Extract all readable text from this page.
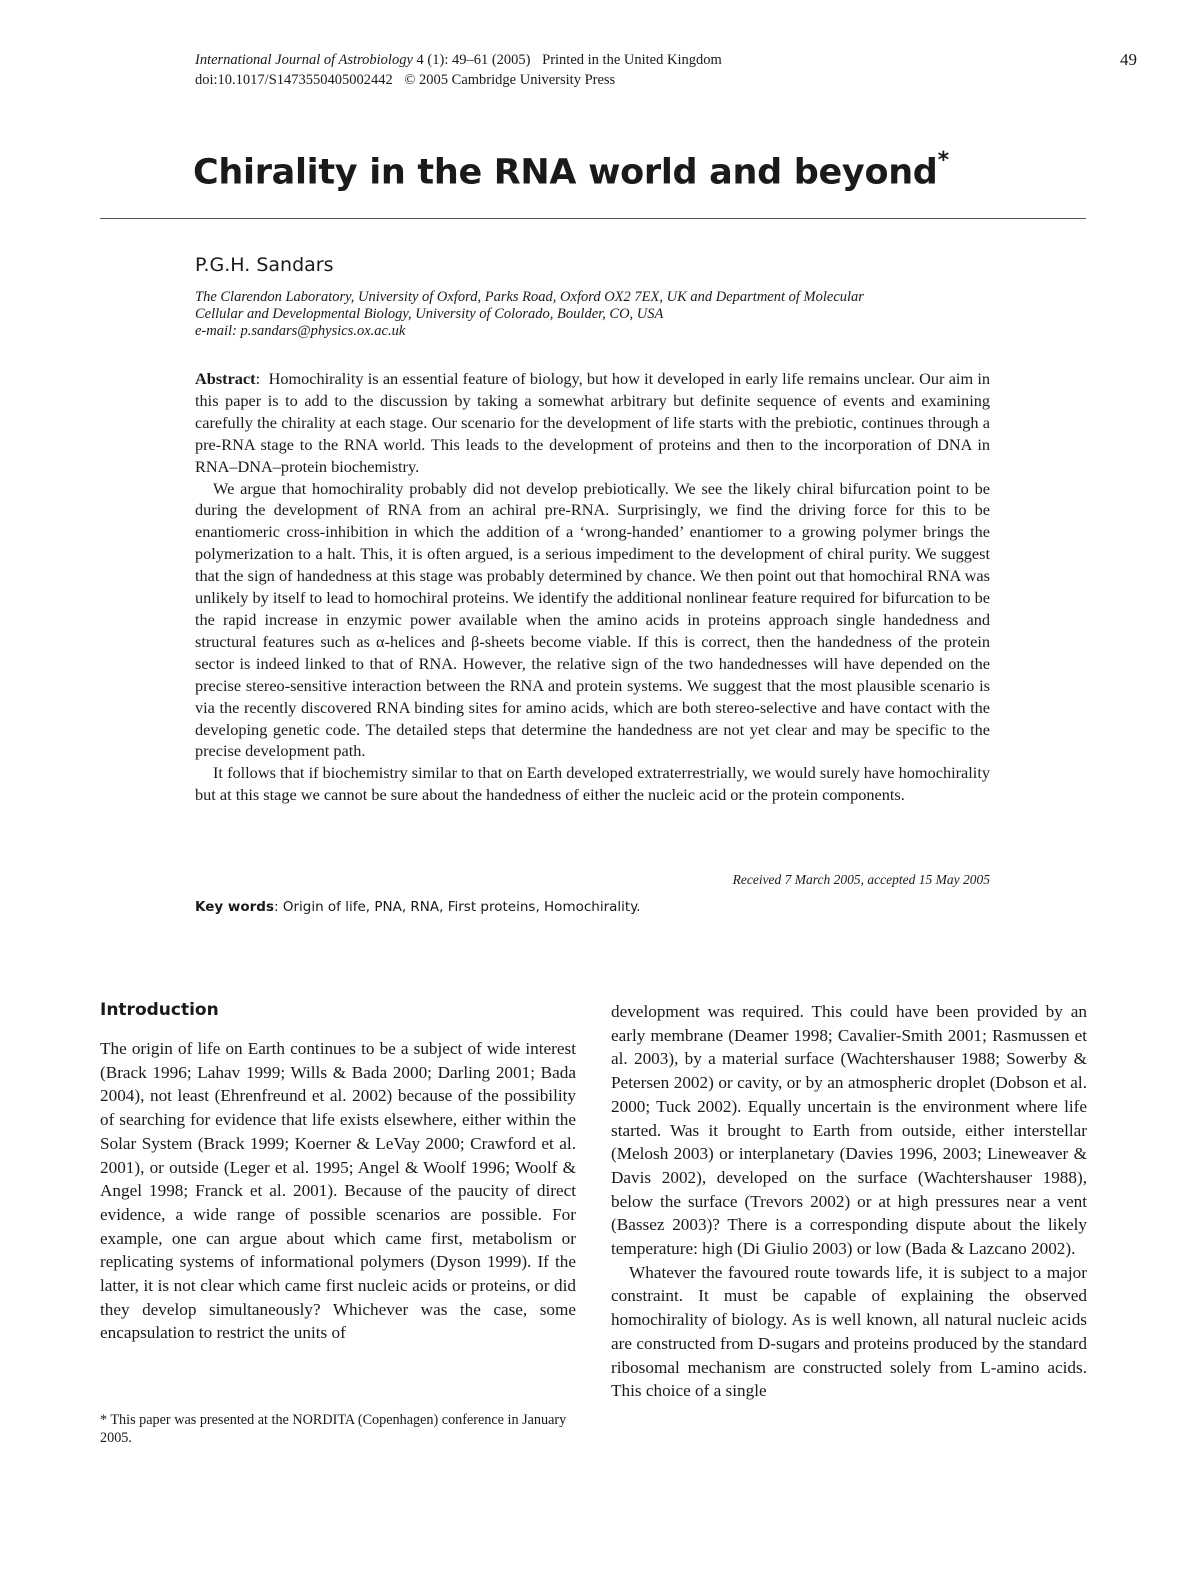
International Journal of Astrobiology 4 (1): 49–61 (2005) Printed in the United Kingdom
doi:10.1017/S1473550405002442 © 2005 Cambridge University Press
49
Chirality in the RNA world and beyond*
P.G.H. Sandars
The Clarendon Laboratory, University of Oxford, Parks Road, Oxford OX2 7EX, UK and Department of Molecular
Cellular and Developmental Biology, University of Colorado, Boulder, CO, USA
e-mail: p.sandars@physics.ox.ac.uk

Abstract:  Homochirality is an essential feature of biology, but how it developed in early life remains unclear. Our aim in this paper is to add to the discussion by taking a somewhat arbitrary but definite sequence of events and examining carefully the chirality at each stage. Our scenario for the development of life starts with the prebiotic, continues through a pre-RNA stage to the RNA world. This leads to the development of proteins and then to the incorporation of DNA in RNA–DNA–protein biochemistry.

We argue that homochirality probably did not develop prebiotically. We see the likely chiral bifurcation point to be during the development of RNA from an achiral pre-RNA. Surprisingly, we find the driving force for this to be enantiomeric cross-inhibition in which the addition of a ‘wrong-handed’ enantiomer to a growing polymer brings the polymerization to a halt. This, it is often argued, is a serious impediment to the development of chiral purity. We suggest that the sign of handedness at this stage was probably determined by chance. We then point out that homochiral RNA was unlikely by itself to lead to homochiral proteins. We identify the additional nonlinear feature required for bifurcation to be the rapid increase in enzymic power available when the amino acids in proteins approach single handedness and structural features such as α-helices and β-sheets become viable. If this is correct, then the handedness of the protein sector is indeed linked to that of RNA. However, the relative sign of the two handednesses will have depended on the precise stereo-sensitive interaction between the RNA and protein systems. We suggest that the most plausible scenario is via the recently discovered RNA binding sites for amino acids, which are both stereo-selective and have contact with the developing genetic code. The detailed steps that determine the handedness are not yet clear and may be specific to the precise development path.

It follows that if biochemistry similar to that on Earth developed extraterrestrially, we would surely have homochirality but at this stage we cannot be sure about the handedness of either the nucleic acid or the protein components.

Received 7 March 2005, accepted 15 May 2005
Key words: Origin of life, PNA, RNA, First proteins, Homochirality.
Introduction

The origin of life on Earth continues to be a subject of wide interest (Brack 1996; Lahav 1999; Wills & Bada 2000; Darling 2001; Bada 2004), not least (Ehrenfreund et al. 2002) because of the possibility of searching for evidence that life exists elsewhere, either within the Solar System (Brack 1999; Koerner & LeVay 2000; Crawford et al. 2001), or outside (Leger et al. 1995; Angel & Woolf 1996; Woolf & Angel 1998; Franck et al. 2001). Because of the paucity of direct evidence, a wide range of possible scenarios are possible. For example, one can argue about which came first, metabolism or replicating systems of informational polymers (Dyson 1999). If the latter, it is not clear which came first nucleic acids or proteins, or did they develop simultaneously? Whichever was the case, some encapsulation to restrict the units of

development was required. This could have been provided by an early membrane (Deamer 1998; Cavalier-Smith 2001; Rasmussen et al. 2003), by a material surface (Wachtershauser 1988; Sowerby & Petersen 2002) or cavity, or by an atmospheric droplet (Dobson et al. 2000; Tuck 2002). Equally uncertain is the environment where life started. Was it brought to Earth from outside, either interstellar (Melosh 2003) or interplanetary (Davies 1996, 2003; Lineweaver & Davis 2002), developed on the surface (Wachtershauser 1988), below the surface (Trevors 2002) or at high pressures near a vent (Bassez 2003)? There is a corresponding dispute about the likely temperature: high (Di Giulio 2003) or low (Bada & Lazcano 2002).

Whatever the favoured route towards life, it is subject to a major constraint. It must be capable of explaining the observed homochirality of biology. As is well known, all natural nucleic acids are constructed from D-sugars and proteins produced by the standard ribosomal mechanism are constructed solely from L-amino acids. This choice of a single

* This paper was presented at the NORDITA (Copenhagen) conference in January 2005.
